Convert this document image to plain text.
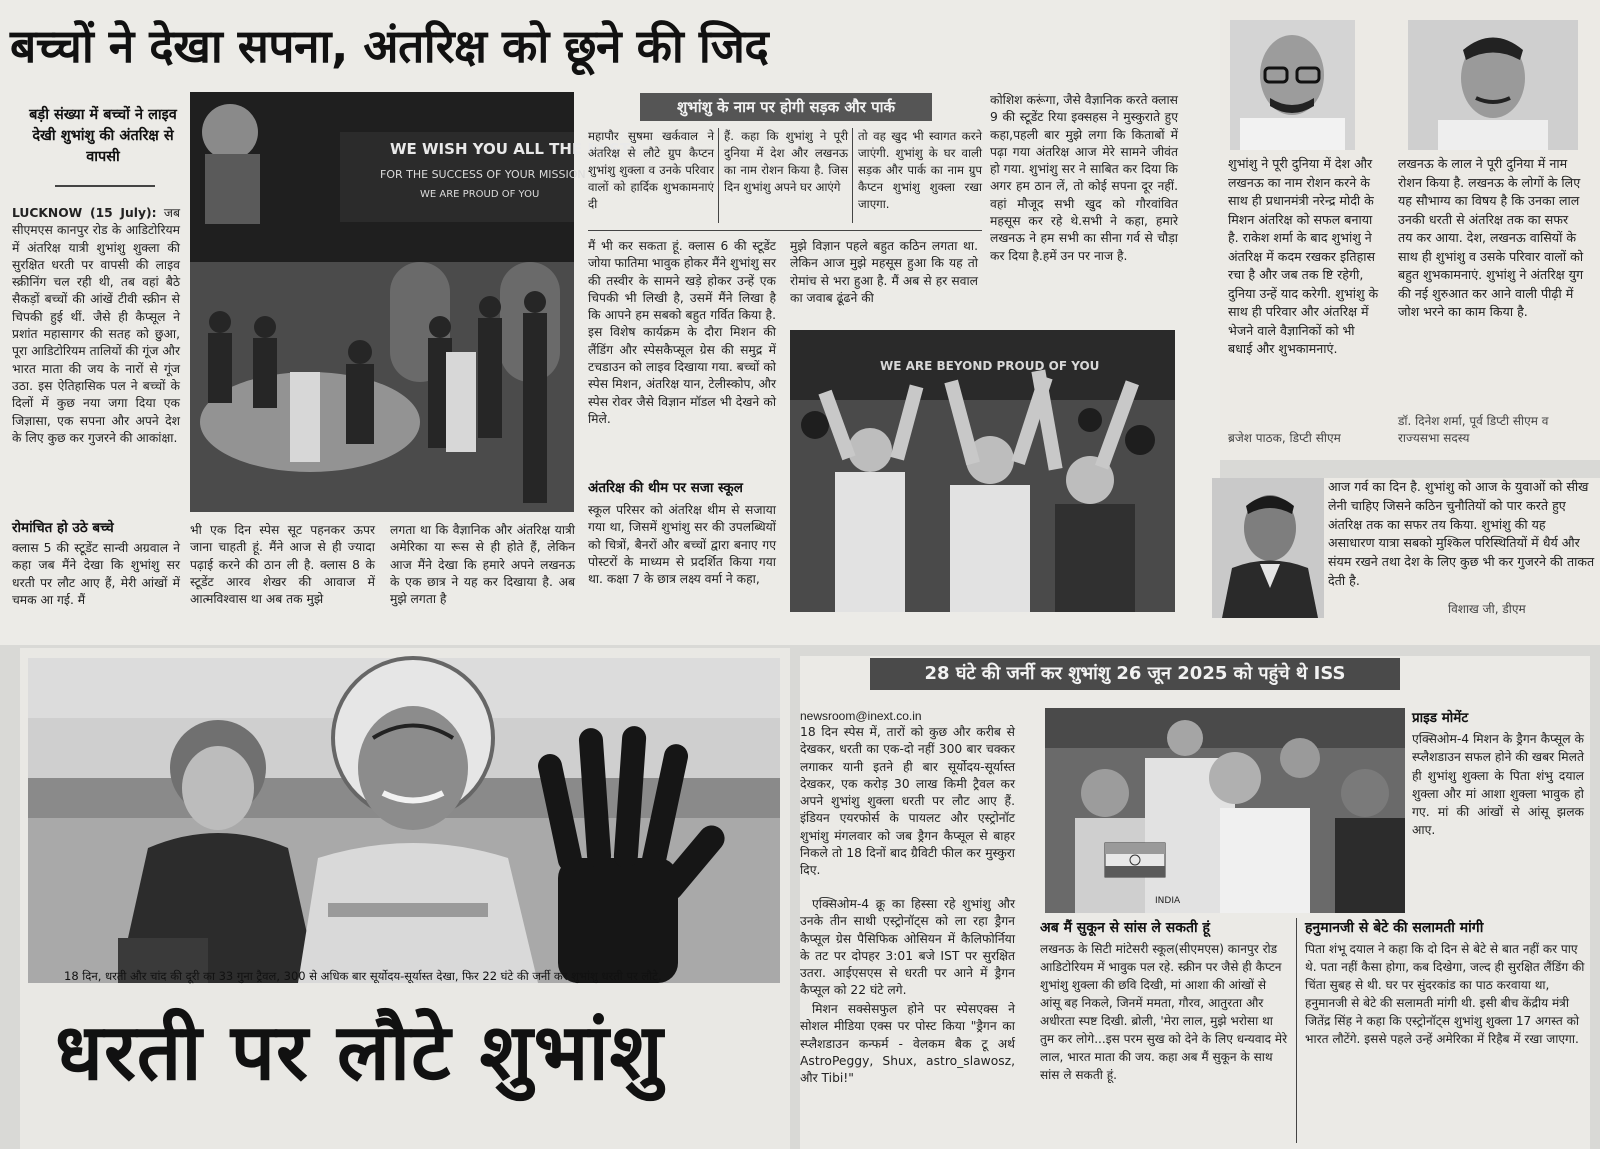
बच्चों ने देखा सपना, अंतरिक्ष को छूने की जिद
बड़ी संख्या में बच्चों ने लाइव देखी शुभांशु की अंतरिक्ष से वापसी
LUCKNOW (15 July): जब सीएमएस कानपुर रोड के आडिटोरियम में अंतरिक्ष यात्री शुभांशु शुक्ला की सुरक्षित धरती पर वापसी की लाइव स्क्रीनिंग चल रही थी, तब वहां बैठे सैकड़ों बच्चों की आंखें टीवी स्क्रीन से चिपकी हुई थीं. जैसे ही कैप्सूल ने प्रशांत महासागर की सतह को छुआ, पूरा आडिटोरियम तालियों की गूंज और भारत माता की जय के नारों से गूंज उठा. इस ऐतिहासिक पल ने बच्चों के दिलों में कुछ नया जगा दिया एक जिज्ञासा, एक सपना और अपने देश के लिए कुछ कर गुजरने की आकांक्षा.
रोमांचित हो उठे बच्चे
क्लास 5 की स्टूडेंट सान्वी अग्रवाल ने कहा जब मैंने देखा कि शुभांशु सर धरती पर लौट आए हैं, मेरी आंखों में चमक आ गई. मैं
WE WISH YOU ALL THE BEST
FOR THE SUCCESS OF YOUR MISSION
WE ARE PROUD OF YOU
भी एक दिन स्पेस सूट पहनकर ऊपर जाना चाहती हूं. मैंने आज से ही ज्यादा पढ़ाई करने की ठान ली है. क्लास 8 के स्टूडेंट आरव शेखर की आवाज में आत्मविश्वास था अब तक मुझे
लगता था कि वैज्ञानिक और अंतरिक्ष यात्री अमेरिका या रूस से ही होते हैं, लेकिन आज मैंने देखा कि हमारे अपने लखनऊ के एक छात्र ने यह कर दिखाया है. अब मुझे लगता है
शुभांशु के नाम पर होगी सड़क और पार्क
महापौर सुषमा खर्कवाल ने अंतरिक्ष से लौटे ग्रुप कैप्टन शुभांशु शुक्ला व उनके परिवार वालों को हार्दिक शुभकामनाएं दी
हैं. कहा कि शुभांशु ने पूरी दुनिया में देश और लखनऊ का नाम रोशन किया है. जिस दिन शुभांशु अपने घर आएंगे
तो वह खुद भी स्वागत करने जाएंगी. शुभांशु के घर वाली सड़क और पार्क का नाम ग्रुप कैप्टन शुभांशु शुक्ला रखा जाएगा.
मैं भी कर सकता हूं. क्लास 6 की स्टूडेंट जोया फातिमा भावुक होकर मैंने शुभांशु सर की तस्वीर के सामने खड़े होकर उन्हें एक चिपकी भी लिखी है, उसमें मैंने लिखा है कि आपने हम सबको बहुत गर्वित किया है. इस विशेष कार्यक्रम के दौरा मिशन की लैंडिंग और स्पेसकैप्सूल ग्रेस की समुद्र में टचडाउन को लाइव दिखाया गया. बच्चों को स्पेस मिशन, अंतरिक्ष यान, टेलीस्कोप, और स्पेस रोवर जैसे विज्ञान मॉडल भी देखने को मिले.
अंतरिक्ष की थीम पर सजा स्कूल
स्कूल परिसर को अंतरिक्ष थीम से सजाया गया था, जिसमें शुभांशु सर की उपलब्धियों को चित्रों, बैनरों और बच्चों द्वारा बनाए गए पोस्टरों के माध्यम से प्रदर्शित किया गया था. कक्षा 7 के छात्र लक्ष्य वर्मा ने कहा,
मुझे विज्ञान पहले बहुत कठिन लगता था. लेकिन आज मुझे महसूस हुआ कि यह तो रोमांच से भरा हुआ है. मैं अब से हर सवाल का जवाब ढूंढने की
कोशिश करूंगा, जैसे वैज्ञानिक करते क्लास 9 की स्टूडेंट रिया इक्सहस ने मुस्कुराते हुए कहा,पहली बार मुझे लगा कि किताबों में पढ़ा गया अंतरिक्ष आज मेरे सामने जीवंत हो गया. शुभांशु सर ने साबित कर दिया कि अगर हम ठान लें, तो कोई सपना दूर नहीं. वहां मौजूद सभी खुद को गौरवांवित महसूस कर रहे थे.सभी ने कहा, हमारे लखनऊ ने हम सभी का सीना गर्व से चौड़ा कर दिया है.हमें उन पर नाज है.
WE ARE BEYOND PROUD OF YOU
शुभांशु ने पूरी दुनिया में देश और लखनऊ का नाम रोशन करने के साथ ही प्रधानमंत्री नरेन्द्र मोदी के मिशन अंतरिक्ष को सफल बनाया है. राकेश शर्मा के बाद शुभांशु ने अंतरिक्ष में कदम रखकर इतिहास रचा है और जब तक ष्टि रहेगी, दुनिया उन्हें याद करेगी. शुभांशु के साथ ही परिवार और अंतरिक्ष में भेजने वाले वैज्ञानिकों को भी बधाई और शुभकामनाएं.
ब्रजेश पाठक, डिप्टी सीएम
लखनऊ के लाल ने पूरी दुनिया में नाम रोशन किया है. लखनऊ के लोगों के लिए यह सौभाग्य का विषय है कि उनका लाल उनकी धरती से अंतरिक्ष तक का सफर तय कर आया. देश, लखनऊ वासियों के साथ ही शुभांशु व उसके परिवार वालों को बहुत शुभकामनाएं. शुभांशु ने अंतरिक्ष युग की नई शुरुआत कर आने वाली पीढ़ी में जोश भरने का काम किया है.
डॉ. दिनेश शर्मा, पूर्व डिप्टी सीएम व राज्यसभा सदस्य
आज गर्व का दिन है. शुभांशु को आज के युवाओं को सीख लेनी चाहिए जिसने कठिन चुनौतियों को पार करते हुए अंतरिक्ष तक का सफर तय किया. शुभांशु की यह असाधारण यात्रा सबको मुश्किल परिस्थितियों में धैर्य और संयम रखने तथा देश के लिए कुछ भी कर गुजरने की ताकत देती है.
विशाख जी, डीएम
18 दिन, धरती और चांद की दूरी का 33 गुना ट्रैवल, 300 से अधिक बार सूर्योदय-सूर्यास्त देखा, फिर 22 घंटे की जर्नी कर शुभांशु धरती पर लौटे.
धरती पर लौटे शुभांशु
28 घंटे की जर्नी कर शुभांशु 26 जून 2025 को पहुंचे थे ISS
newsroom@inext.co.in
18 दिन स्पेस में, तारों को कुछ और करीब से देखकर, धरती का एक-दो नहीं 300 बार चक्कर लगाकर यानी इतने ही बार सूर्योदय-सूर्यास्त देखकर, एक करोड़ 30 लाख किमी ट्रैवल कर अपने शुभांशु शुक्ला धरती पर लौट आए हैं. इंडियन एयरफोर्स के पायलट और एस्ट्रोनॉट शुभांशु मंगलवार को जब ड्रैगन कैप्सूल से बाहर निकले तो 18 दिनों बाद ग्रैविटी फील कर मुस्कुरा दिए.
एक्सिओम-4 क्रू का हिस्सा रहे शुभांशु और उनके तीन साथी एस्ट्रोनॉट्स को ला रहा ड्रैगन कैप्सूल ग्रेस पैसिफिक ओसियन में कैलिफोर्निया के तट पर दोपहर 3:01 बजे IST पर सुरक्षित उतरा. आईएसएस से धरती पर आने में ड्रैगन कैप्सूल को 22 घंटे लगे.
मिशन सक्सेसफुल होने पर स्पेसएक्स ने सोशल मीडिया एक्स पर पोस्ट किया "ड्रैगन का स्प्लैशडाउन कन्फर्म - वेलकम बैक टू अर्थ AstroPeggy, Shux, astro_slawosz, और Tibi!"
INDIA
प्राइड मोमेंट
एक्सिओम-4 मिशन के ड्रैगन कैप्सूल के स्प्लैशडाउन सफल होने की खबर मिलते ही शुभांशु शुक्ला के पिता शंभु दयाल शुक्ला और मां आशा शुक्ला भावुक हो गए. मां की आंखों से आंसू झलक आए.
अब मैं सुकून से सांस ले सकती हूं
लखनऊ के सिटी मांटेसरी स्कूल(सीएमएस) कानपुर रोड आडिटोरियम में भावुक पल रहे. स्क्रीन पर जैसे ही कैप्टन शुभांशु शुक्ला की छवि दिखी, मां आशा की आंखों से आंसू बह निकले, जिनमें ममता, गौरव, आतुरता और अधीरता स्पष्ट दिखी. ब्रोली, 'मेरा लाल, मुझे भरोसा था तुम कर लोगे...इस परम सुख को देने के लिए धन्यवाद मेरे लाल, भारत माता की जय. कहा अब मैं सुकून के साथ सांस ले सकती हूं.
हनुमानजी से बेटे की सलामती मांगी
पिता शंभू दयाल ने कहा कि दो दिन से बेटे से बात नहीं कर पाए थे. पता नहीं कैसा होगा, कब दिखेगा, जल्द ही सुरक्षित लैंडिंग की चिंता सुबह से थी. घर पर सुंदरकांड का पाठ करवाया था, हनुमानजी से बेटे की सलामती मांगी थी. इसी बीच केंद्रीय मंत्री जितेंद्र सिंह ने कहा कि एस्ट्रोनॉट्स शुभांशु शुक्ला 17 अगस्त को भारत लौटेंगे. इससे पहले उन्हें अमेरिका में रिहैब में रखा जाएगा.
